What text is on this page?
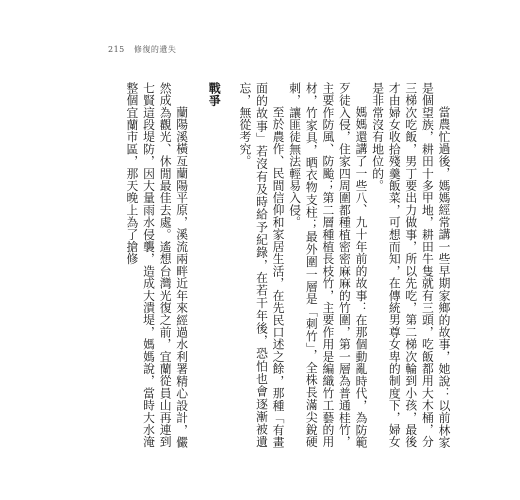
215 修復的遺失

當農忙過後，媽媽經常講一些早期家鄉的故事，她說：以前林家是個望族，耕田十多甲地，耕田牛隻就有三頭，吃飯都用大木桶，分三梯次吃飯，男丁要出力做事，所以先吃，第二梯次輪到小孩，最後才由婦女收拾殘羹飯菜，可想而知，在傳統男尊女卑的制度下，婦女是非常沒有地位的。

媽媽還講了一些八、九十年前的故事：在那個動亂時代，為防範歹徒入侵，住家四周圍都種植密密麻麻的竹圍，第一層為普通桂竹，主要作防風、防颱；第二層種植長枝竹，主要作用是編織竹工藝的用材，竹家具，晒衣物支柱；最外圍一層是「刺竹」，全株長滿尖銳硬刺，讓匪徒無法輕易入侵。

至於農作、民間信仰和家居生活，在先民口述之餘，那種「有畫面的故事」若沒有及時給予紀錄，在若干年後，恐怕也會逐漸被遺忘，無從考究。

戰爭

蘭陽溪橫亙蘭陽平原，溪流兩畔近年來經過水利署精心設計，儼然成為觀光、休閒最佳去處。遙想台灣光復之前，宜蘭從員山再連到七賢這段堤防，因大量雨水侵襲，造成大潰堤，媽媽說，當時大水淹整個宜蘭市區，那天晚上為了搶修
